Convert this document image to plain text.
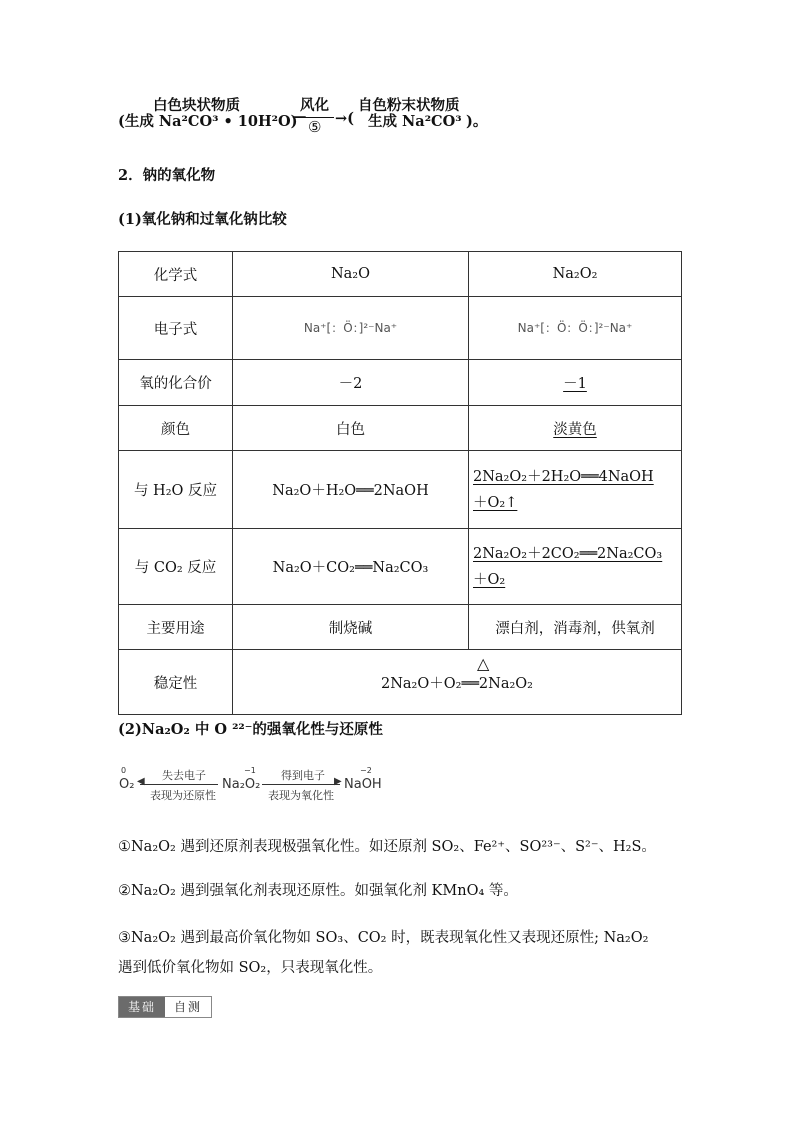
白色块状物质
(生成 Na²CO³ • 10H²O)
—
风化
⑤
自色粉末状物质
→( 生成 Na²CO³ )。
2．钠的氧化物
(1)氧化钠和过氧化钠比较
化学式	Na₂O	Na₂O₂
电子式	Na⁺[：Ö：]²⁻Na⁺	Na⁺[：Ö：Ö：]²⁻Na⁺
氧的化合价	－2	－1
颜色	白色	淡黄色
与 H₂O 反应	Na₂O＋H₂O══2NaOH	2Na₂O₂＋2H₂O══4NaOH
＋O₂↑
与 CO₂ 反应	Na₂O＋CO₂══Na₂CO₃	2Na₂O₂＋2CO₂══2Na₂CO₃
＋O₂
主要用途	制烧碱	漂白剂，消毒剂，供氧剂
稳定性	△
2Na₂O＋O₂══2Na₂O₂	
(2)Na₂O₂ 中 O ²²⁻的强氧化性与还原性
0
O₂
失去电子
◀
表现为还原性
−1
Na₂O₂
得到电子 ▶
表现为氧化性
−2
NaOH
①Na₂O₂ 遇到还原剂表现极强氧化性。如还原剂 SO₂、Fe²⁺、SO²³⁻、S²⁻、H₂S。
②Na₂O₂ 遇到强氧化剂表现还原性。如强氧化剂 KMnO₄ 等。
③Na₂O₂ 遇到最高价氧化物如 SO₃、CO₂ 时，既表现氧化性又表现还原性; Na₂O₂
遇到低价氧化物如 SO₂，只表现氧化性。
基础	自测
